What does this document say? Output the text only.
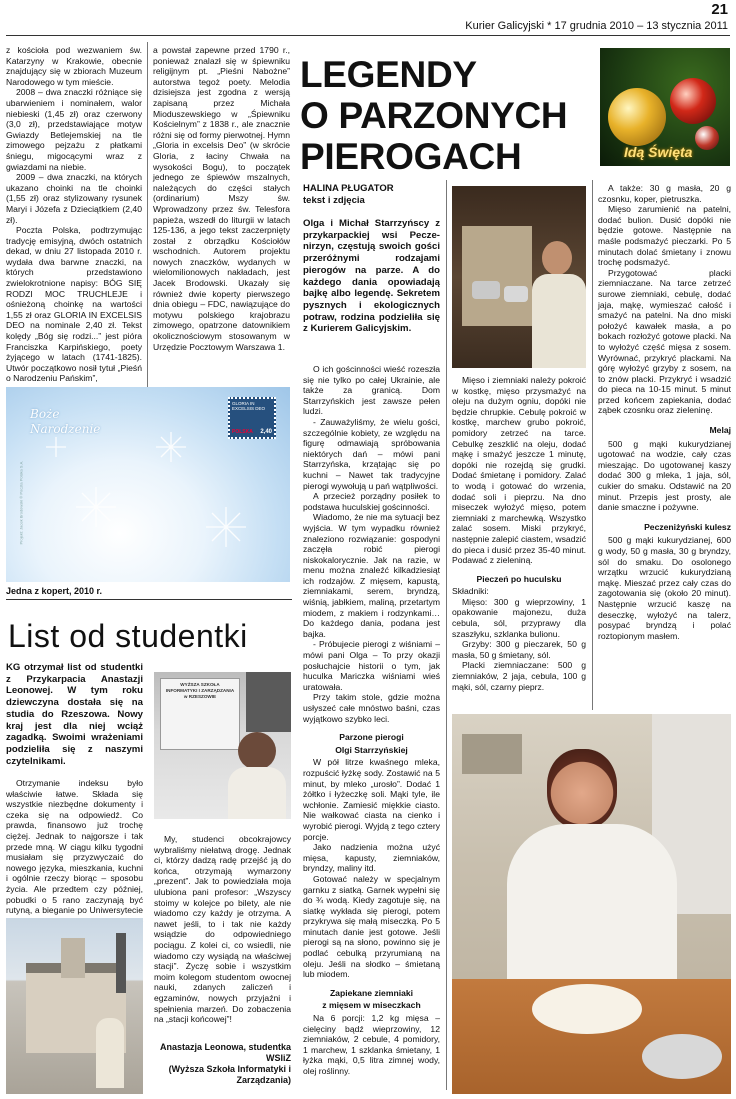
21
Kurier Galicyjski * 17 grudnia 2010 – 13 stycznia 2011

z kościoła pod wezwaniem św. Katarzyny w Krakowie, obecnie znajdujący się w zbiorach Muzeum Narodowego w tym mieście.

2008 – dwa znaczki różniące się ubarwieniem i nominałem, walor niebieski (1,45 zł) oraz czerwony (3,0 zł), przedstawiające motyw Gwiazdy Betlejemskiej na tle zimowego pejzażu z płatkami śniegu, migocącymi wraz z gwiazdami na niebie.

2009 – dwa znaczki, na których ukazano choinki na tle choinki (1,55 zł) oraz stylizowany rysunek Maryi i Józefa z Dzieciątkiem (2,40 zł).

Poczta Polska, podtrzymując tradycję emisyjną, dwóch ostatnich dekad, w dniu 27 listopada 2010 r. wydała dwa barwne znaczki, na których przedstawiono zwielokrotnione napisy: BÓG SIĘ RODZI MOC TRUCHLEJE i ośnieżoną choinkę na wartości 1,55 zł oraz GLORIA IN EXCELSIS DEO na nominale 2,40 zł. Tekst kolędy „Bóg się rodzi...” jest pióra Franciszka Karpińskiego, poety żyjącego w latach (1741-1825). Utwór początkowo nosił tytuł „Pieśń o Narodzeniu Pańskim”,

a powstał zapewne przed 1790 r., ponieważ znalazł się w śpiewniku religijnym pt. „Pieśni Nabożne” autorstwa tegoż poety. Melodia dzisiejsza jest zgodna z wersją zapisaną przez Michała Mioduszewskiego w „Śpiewniku Kościelnym” z 1838 r., ale znacznie różni się od formy pierwotnej. Hymn „Gloria in excelsis Deo” (w skrócie Gloria, z łaciny Chwała na wysokości Bogu), to początek jednego ze śpiewów mszalnych, należących do części stałych (ordinarium) Mszy św. Wprowadzony przez św. Telesfora papieża, wszedł do liturgii w latach 125-136, a jego tekst zaczerpnięty został z obrządku Kościołów wschodnich. Autorem projektu nowych znaczków, wydanych w wielomilionowych nakładach, jest Jacek Brodowski. Ukazały się również dwie koperty pierwszego dnia obiegu – FDC, nawiązujące do motywu polskiego krajobrazu zimowego, opatrzone datownikiem okolicznościowym stosowanym w Urzędzie Pocztowym Warszawa 1.

Boże Narodzenie
GLORIA IN EXCELSIS DEO
POLSKA 2,40
Projekt: Jacek Brodowski © Poczta Polska S.A.
Jedna z kopert, 2010 r.
List od studentki
KG otrzymał list od studentki z Przykarpacia Anastazji Leonowej. W tym roku dziewczyna dostała się na studia do Rzeszowa. Nowy kraj jest dla niej wciąż zagadką. Swoimi wrażeniami podzieliła się z naszymi czytelnikami.

Otrzymanie indeksu było właściwie łatwe. Składa się wszystkie niezbędne dokumenty i czeka się na odpowiedź. Co prawda, finansowo już trochę ciężej. Jednak to najgorsze i tak przede mną. W ciągu kilku tygodni musiałam się przyzwyczaić do nowego języka, mieszkania, kuchni i ogólnie rzeczy biorąc – sposobu życia. Ale przedtem czy później, pobudki o 5 rano zaczynają być rutyną, a bieganie po Uniwersytecie

WYŻSZA SZKOŁA INFORMATYKI I ZARZĄDZANIA w RZESZOWIE

My, studenci obcokrajowcy wybraliśmy niełatwą drogę. Jednak ci, którzy dadzą radę przejść ją do końca, otrzymają wymarzony „prezent”. Jak to powiedziała moja ulubiona pani profesor: „Wszyscy stoimy w kolejce po bilety, ale nie wiadomo czy każdy je otrzyma. A nawet jeśli, to i tak nie każdy wsiądzie do odpowiedniego pociągu. Z kolei ci, co wsiedli, nie wiadomo czy wysiądą na właściwej stacji”. Życzę sobie i wszystkim moim kolegom studentom owocnej nauki, zdanych zaliczeń i egzaminów, nowych przyjaźni i spełnienia marzeń. Do zobaczenia na „stacji końcowej”!

Anastazja Leonowa, studentka WSIiZ
(Wyższa Szkoła Informatyki i Zarządzania)
LEGENDY
O PARZONYCH
PIEROGACH	Idą Święta
HALINA PŁUGATOR
tekst i zdjęcia
Olga i Michał Starrzyńscy z przykarpackiej wsi Peczenirzyn, częstują swoich gości przeróżnymi rodzajami pierogów na parze. A do każdego dania opowiadają bajkę albo legendę. Sekretem pysznych i ekologicznych potraw, rodzina podzieliła się z Kurierem Galicyjskim.

O ich gościnności wieść rozeszła się nie tylko po całej Ukrainie, ale także za granicą. Dom Starrzyńskich jest zawsze pełen ludzi.

- Zauważyliśmy, że wielu gości, szczególnie kobiety, ze względu na figurę odmawiają spróbowania niektórych dań – mówi pani Starrzyńska, krzątając się po kuchni – Nawet tak tradycyjne pierogi wywołują u pań wątpliwości.

A przecież porządny posiłek to podstawa huculskiej gościnności.

Wiadomo, że nie ma sytuacji bez wyjścia. W tym wypadku również znaleziono rozwiązanie: gospodyni zaczęła robić pierogi niskokalorycznie. Jak na razie, w menu można znaleźć kilkadziesiąt ich rodzajów. Z mięsem, kapustą, ziemniakami, serem, bryndzą, wiśnią, jabłkiem, maliną, przetartym miodem, z makiem i rodzynkami… Do każdego dania, podana jest bajka.

- Próbujecie pierogi z wiśniami – mówi pani Olga – To przy okazji posłuchajcie historii o tym, jak huculka Mariczka wiśniami wieś uratowała.

Przy takim stole, gdzie można usłyszeć całe mnóstwo baśni, czas wyjątkowo szybko leci.

Parzone pierogi
Olgi Starrzyńskiej

W pół litrze kwaśnego mleka, rozpuścić łyżkę sody. Zostawić na 5 minut, by mleko „urosło”. Dodać 1 żółtko i łyżeczkę soli. Mąki tyle, ile wchłonie. Zamiesić miękkie ciasto. Nie wałkować ciasta na cienko i wyrobić pierogi. Wyjdą z tego cztery porcje.

Jako nadzienia można użyć mięsa, kapusty, ziemniaków, bryndzy, maliny itd.

Gotować należy w specjalnym garnku z siatką. Garnek wypełni się do ¾ wodą. Kiedy zagotuje się, na siatkę wykłada się pierogi, potem przykrywa się małą miseczką. Po 5 minutach danie jest gotowe. Jeśli pierogi są na słono, powinno się je podlać cebulką przyrumianą na oleju. Jeśli na słodko – śmietaną lub miodem.

Zapiekane ziemniaki
z mięsem w miseczkach

Na 6 porcji: 1,2 kg mięsa – cielęciny bądź wieprzowiny, 12 ziemniaków, 2 cebule, 4 pomidory, 1 marchew, 1 szklanka śmietany, 1 łyżka mąki, 0,5 litra zimnej wody, olej roślinny.

Mięso i ziemniaki należy pokroić w kostkę, mięso przysmażyć na oleju na dużym ogniu, dopóki nie będzie chrupkie. Cebulę pokroić w kostkę, marchew grubo pokroić, pomidory zetrzeć na tarce. Cebulkę zeszklić na oleju, dodać mąkę i smażyć jeszcze 1 minutę, dopóki nie rozejdą się grudki. Dodać śmietanę i pomidory. Zalać to wodą i gotować do wrzenia, dodać soli i pieprzu. Na dno miseczek wyłożyć mięso, potem ziemniaki z marchewką. Wszystko zalać sosem. Miski przykryć, następnie zalepić ciastem, wsadzić do pieca i dusić przez 35-40 minut. Podawać z zieleniną.

Pieczeń po huculsku

Składniki:

Mięso: 300 g wieprzowiny, 1 opakowanie majonezu, duża cebula, sól, przyprawy dla szaszłyku, szklanka bulionu.

Grzyby: 300 g pieczarek, 50 g masła, 50 g śmietany, sól.

Placki ziemniaczane: 500 g ziemniaków, 2 jaja, cebula, 100 g mąki, sól, czarny pieprz.

A także: 30 g masła, 20 g czosnku, koper, pietruszka.

Mięso zarumienić na patelni, dodać bulion. Dusić dopóki nie będzie gotowe. Następnie na maśle podsmażyć pieczarki. Po 5 minutach dolać śmietany i znowu trochę podsmażyć.

Przygotować placki ziemniaczane. Na tarce zetrzeć surowe ziemniaki, cebulę, dodać jaja, mąkę, wymieszać całość i smażyć na patelni. Na dno miski położyć kawałek masła, a po bokach rozłożyć gotowe placki. Na to wyłożyć część mięsa z sosem. Wyrównać, przykryć plackami. Na górę wyłożyć grzyby z sosem, na to znów placki. Przykryć i wsadzić do pieca na 10-15 minut. 5 minut przed końcem zapiekania, dodać ząbek czosnku oraz zieleninę.

Melaj

500 g mąki kukurydzianej ugotować na wodzie, cały czas mieszając. Do ugotowanej kaszy dodać 300 g mleka, 1 jaja, sól, cukier do smaku. Odstawić na 20 minut. Przepis jest prosty, ale danie smaczne i pożywne.

Peczeniżyński kulesz

500 g mąki kukurydzianej, 600 g wody, 50 g masła, 30 g bryndzy, sól do smaku. Do osolonego wrzątku wrzucić kukurydzianą mąkę. Mieszać przez cały czas do zagotowania się (około 20 minut). Następnie wrzucić kaszę na deseczkę, wyłożyć na talerz, posypać bryndzą i polać roztopionym masłem.
